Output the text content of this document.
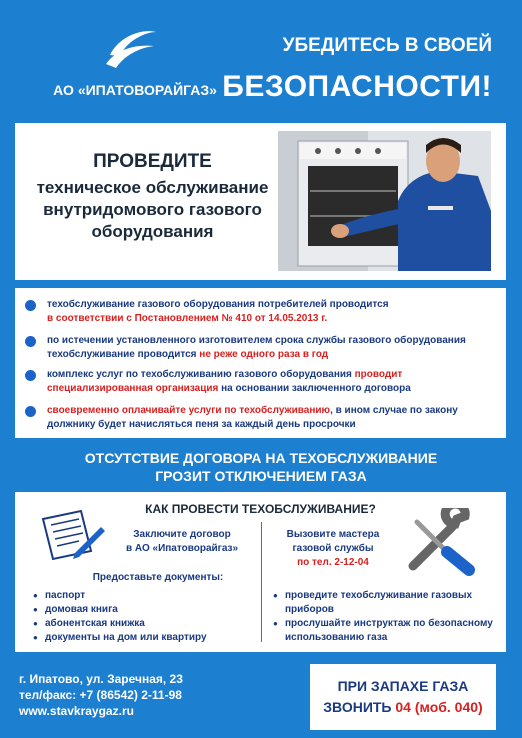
АО «ИПАТОВОРАЙГАЗ»
УБЕДИТЕСЬ В СВОЕЙ
БЕЗОПАСНОСТИ!
ПРОВЕДИТЕ
техническое обслуживание
внутридомового газового
оборудования
техобслуживание газового оборудования потребителей проводится
в соответствии с Постановлением № 410 от 14.05.2013 г.
по истечении установленного изготовителем срока службы газового оборудования
техобслуживание проводится не реже одного раза в год
комплекс услуг по техобслуживанию газового оборудования проводит
специализированная организация на основании заключенного договора
своевременно оплачивайте услуги по техобслуживанию, в ином случае по закону
должнику будет начисляться пеня за каждый день просрочки
ОТСУТСТВИЕ ДОГОВОРА НА ТЕХОБСЛУЖИВАНИЕ
ГРОЗИТ ОТКЛЮЧЕНИЕМ ГАЗА
КАК ПРОВЕСТИ ТЕХОБСЛУЖИВАНИЕ?
Заключите договор
в АО «Ипатоворайгаз»
Вызовите мастера
газовой службы
по тел. 2-12-04
Предоставьте документы:
● паспорт
● домовая книга
● абонентская книжка
● документы на дом или квартиру
● проведите техобслуживание газовых приборов
● прослушайте инструктаж по безопасному использованию газа
г. Ипатово, ул. Заречная, 23
тел/факс: +7 (86542) 2-11-98
www.stavkraygaz.ru
ПРИ ЗАПАХЕ ГАЗА
ЗВОНИТЬ 04 (моб. 040)
